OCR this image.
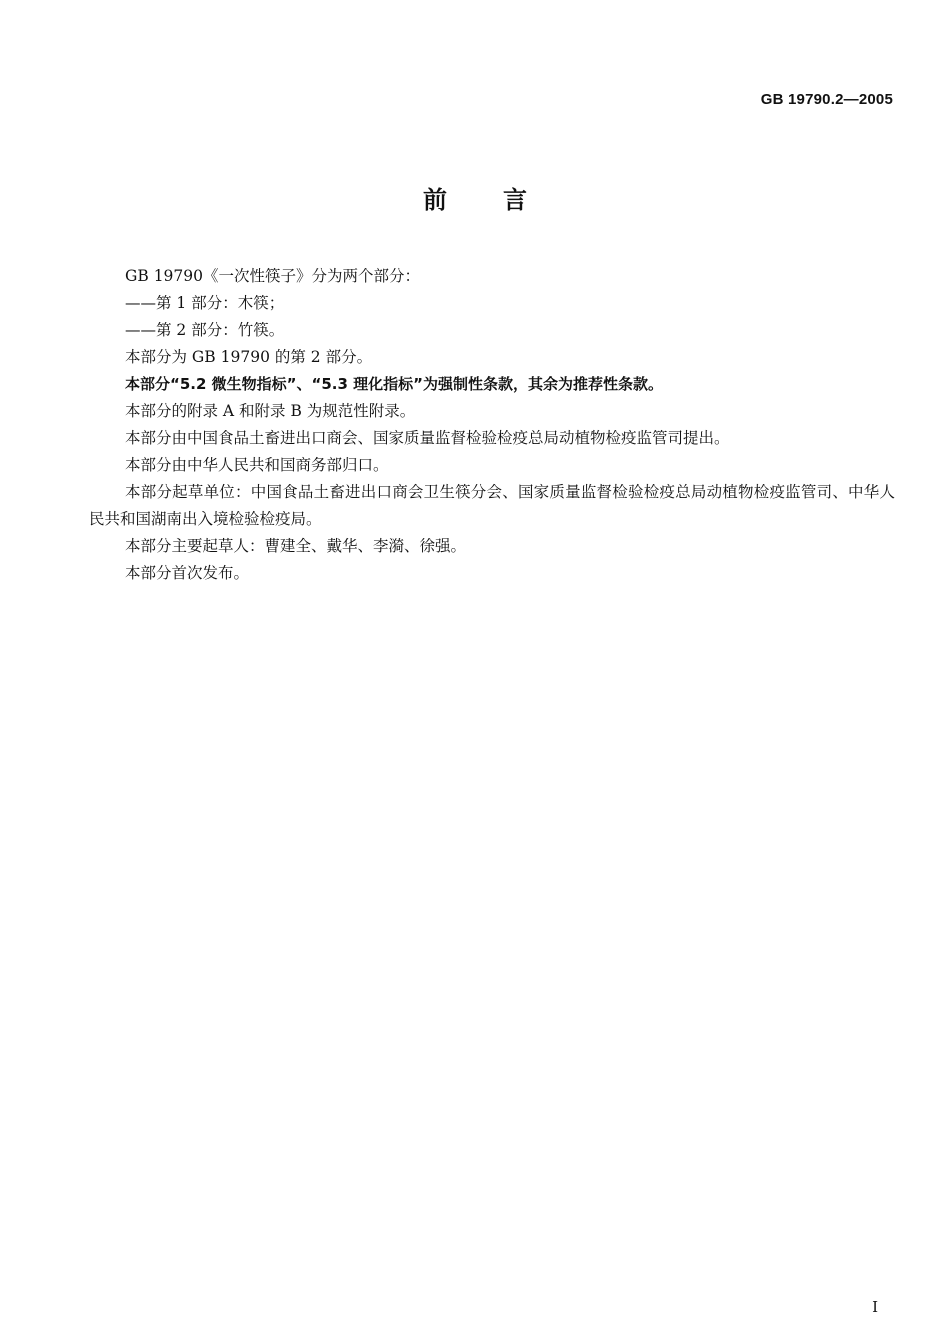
GB 19790.2—2005
前 言

GB 19790《一次性筷子》分为两个部分：

——第 1 部分：木筷；

——第 2 部分：竹筷。

本部分为 GB 19790 的第 2 部分。

本部分“5.2 微生物指标”、“5.3 理化指标”为强制性条款，其余为推荐性条款。

本部分的附录 A 和附录 B 为规范性附录。

本部分由中国食品土畜进出口商会、国家质量监督检验检疫总局动植物检疫监管司提出。

本部分由中华人民共和国商务部归口。

本部分起草单位：中国食品土畜进出口商会卫生筷分会、国家质量监督检验检疫总局动植物检疫监管司、中华人民共和国湖南出入境检验检疫局。

本部分主要起草人：曹建全、戴华、李漪、徐强。

本部分首次发布。

I
